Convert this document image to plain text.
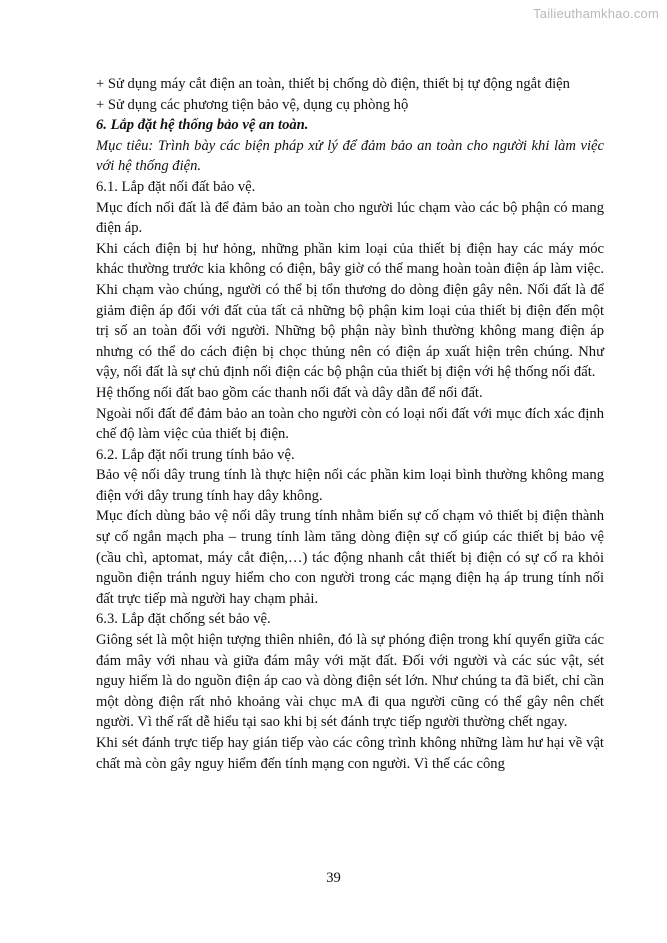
Tailieuthamkhao.com

+ Sử dụng máy cắt điện an toàn, thiết bị chống dò điện, thiết bị tự động ngắt điện

+ Sử dụng các phương tiện bảo vệ, dụng cụ phòng hộ

6. Lắp đặt hệ thống bảo vệ an toàn.

Mục tiêu: Trình bày các biện pháp xử lý để đảm bảo an toàn cho người khi làm việc với hệ thống điện.

6.1. Lắp đặt nối đất bảo vệ.

Mục đích nối đất là để đảm bảo an toàn cho người lúc chạm vào các bộ phận có mang điện áp.

Khi cách điện bị hư hỏng, những phần kim loại của thiết bị điện hay các máy móc khác thường trước kia không có điện, bây giờ có thể mang hoàn toàn điện áp làm việc. Khi chạm vào chúng, người có thể bị tổn thương do dòng điện gây nên. Nối đất là để giảm điện áp đối với đất của tất cả những bộ phận kim loại của thiết bị điện đến một trị số an toàn đối với người. Những bộ phận này bình thường không mang điện áp nhưng có thể do cách điện bị chọc thủng nên có điện áp xuất hiện trên chúng. Như vậy, nối đất là sự chủ định nối điện các bộ phận của thiết bị điện với hệ thống nối đất.

Hệ thống nối đất bao gồm các thanh nối đất và dây dẫn để nối đất.

Ngoài nối đất để đảm bảo an toàn cho người còn có loại nối đất với mục đích xác định chế độ làm việc của thiết bị điện.

6.2. Lắp đặt nối trung tính bảo vệ.

Bảo vệ nối dây trung tính là thực hiện nối các phần kim loại bình thường không mang điện với dây trung tính hay dây không.

Mục đích dùng bảo vệ nối dây trung tính nhằm biến sự cố chạm vỏ thiết bị điện thành sự cố ngắn mạch pha – trung tính làm tăng dòng điện sự cố giúp các thiết bị bảo vệ (cầu chì, aptomat, máy cắt điện,…) tác động nhanh cắt thiết bị điện có sự cố ra khỏi nguồn điện tránh nguy hiểm cho con người trong các mạng điện hạ áp trung tính nối đất trực tiếp mà người hay chạm phải.

6.3. Lắp đặt chống sét bảo vệ.

Giông sét là một hiện tượng thiên nhiên, đó là sự phóng điện trong khí quyển giữa các đám mây với nhau và giữa đám mây với mặt đất. Đối với người và các súc vật, sét nguy hiểm là do nguồn điện áp cao và dòng điện sét lớn. Như chúng ta đã biết, chỉ cần một dòng điện rất nhỏ khoảng vài chục mA đi qua người cũng có thể gây nên chết người. Vì thế rất dễ hiểu tại sao khi bị sét đánh trực tiếp người thường chết ngay.

Khi sét đánh trực tiếp hay gián tiếp vào các công trình không những làm hư hại về vật chất mà còn gây nguy hiểm đến tính mạng con người. Vì thế các công

39
